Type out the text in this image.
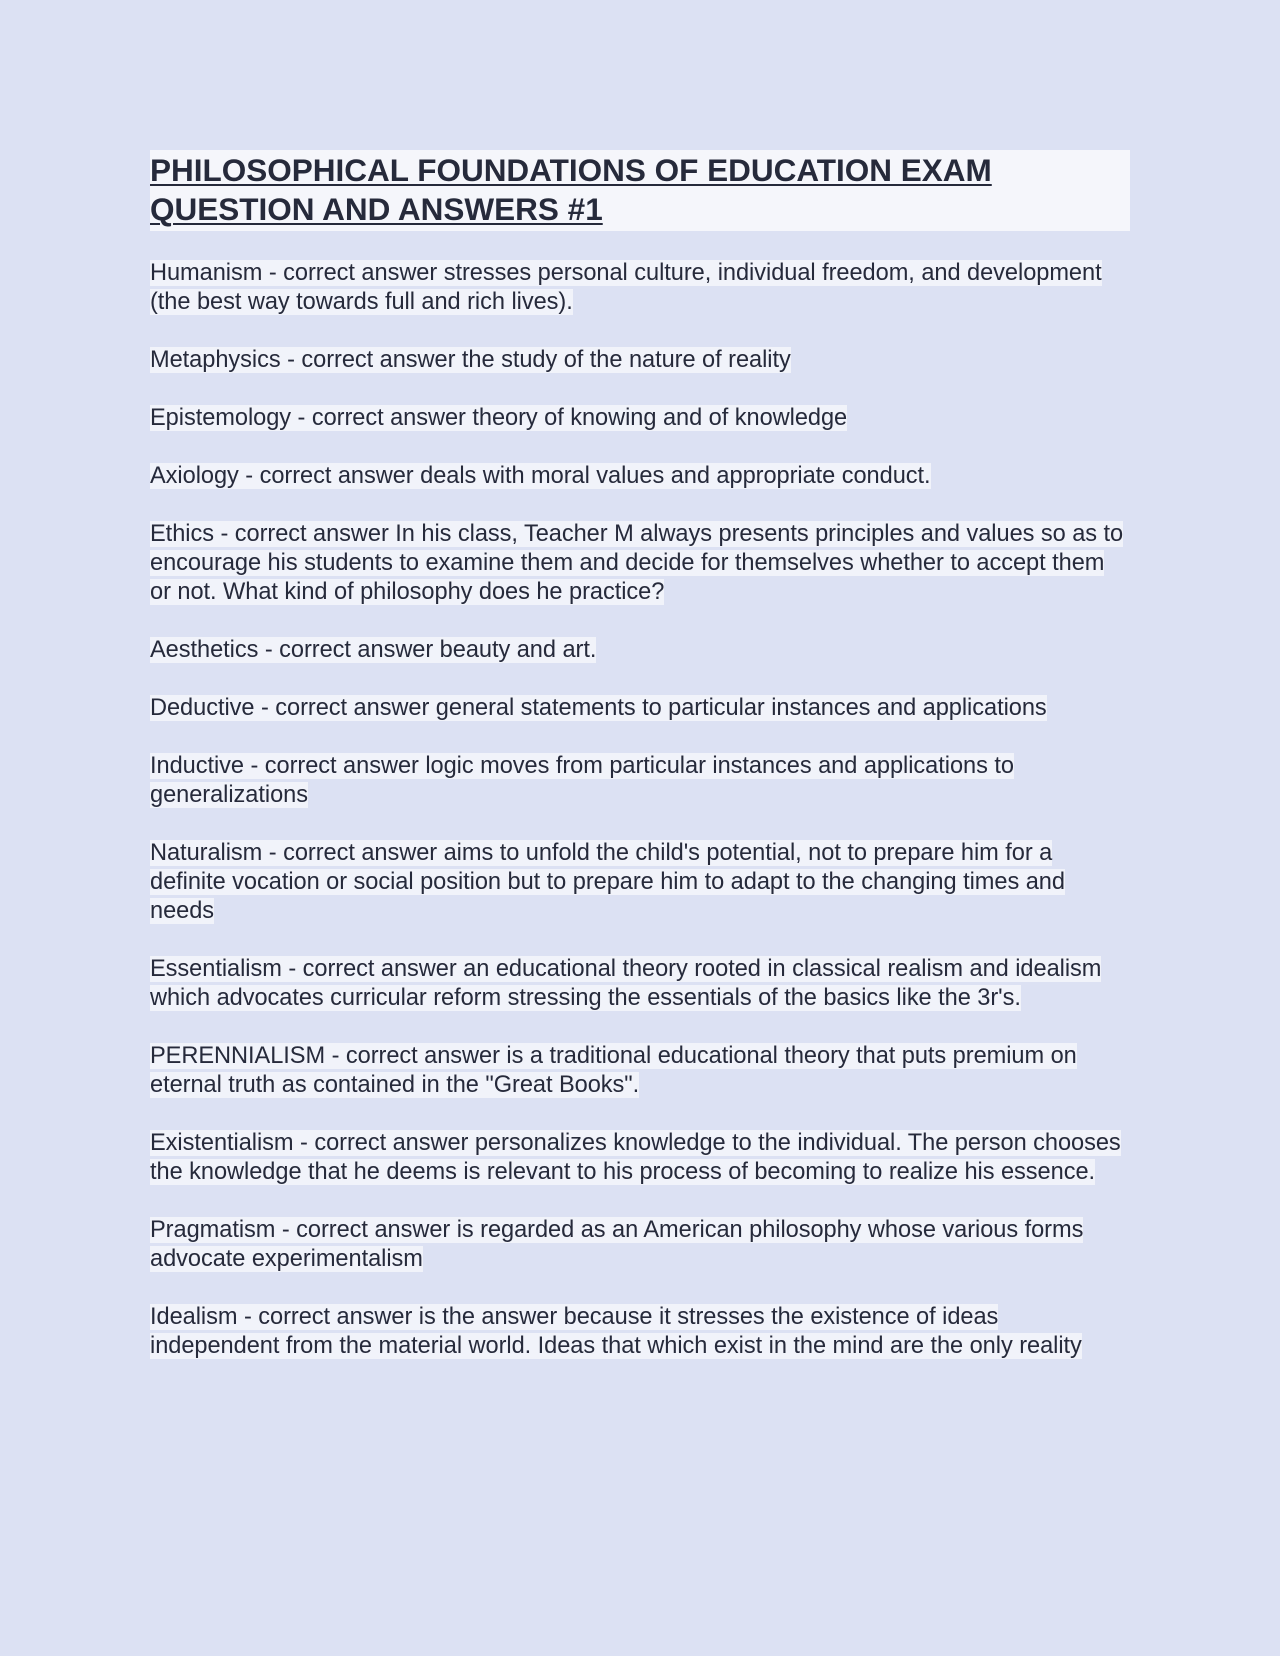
PHILOSOPHICAL FOUNDATIONS OF EDUCATION EXAM QUESTION AND ANSWERS #1

Humanism - correct answer stresses personal culture, individual freedom, and development (the best way towards full and rich lives).

Metaphysics - correct answer the study of the nature of reality

Epistemology - correct answer theory of knowing and of knowledge

Axiology - correct answer deals with moral values and appropriate conduct.

Ethics - correct answer In his class, Teacher M always presents principles and values so as to encourage his students to examine them and decide for themselves whether to accept them or not. What kind of philosophy does he practice?

Aesthetics - correct answer beauty and art.

Deductive - correct answer general statements to particular instances and applications

Inductive - correct answer logic moves from particular instances and applications to generalizations

Naturalism - correct answer aims to unfold the child's potential, not to prepare him for a definite vocation or social position but to prepare him to adapt to the changing times and needs

Essentialism - correct answer an educational theory rooted in classical realism and idealism which advocates curricular reform stressing the essentials of the basics like the 3r's.

PERENNIALISM - correct answer is a traditional educational theory that puts premium on eternal truth as contained in the "Great Books".

Existentialism - correct answer personalizes knowledge to the individual. The person chooses the knowledge that he deems is relevant to his process of becoming to realize his essence.

Pragmatism - correct answer is regarded as an American philosophy whose various forms advocate experimentalism

Idealism - correct answer is the answer because it stresses the existence of ideas independent from the material world. Ideas that which exist in the mind are the only reality
